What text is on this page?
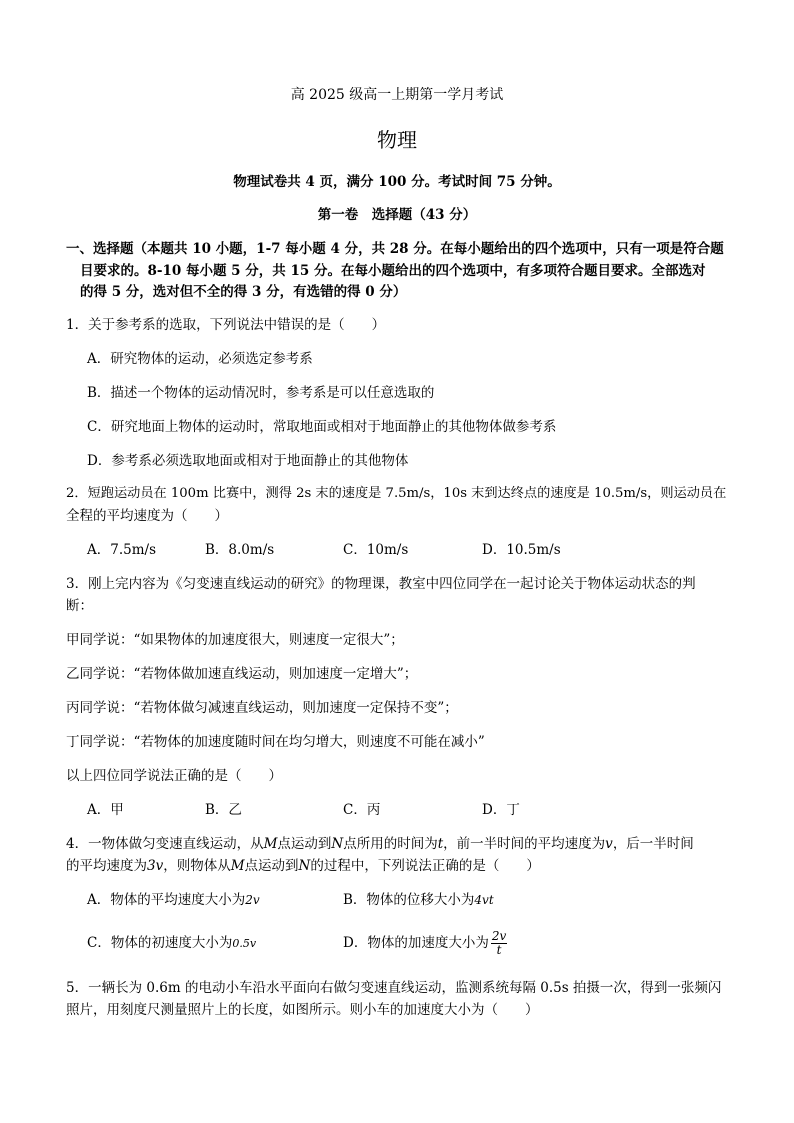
高 2025 级高一上期第一学月考试
物理
物理试卷共 4 页，满分 100 分。考试时间 75 分钟。
第一卷　选择题（43 分）
一、选择题（本题共 10 小题，1-7 每小题 4 分，共 28 分。在每小题给出的四个选项中，只有一项是符合题
目要求的。8-10 每小题 5 分，共 15 分。在每小题给出的四个选项中，有多项符合题目要求。全部选对
的得 5 分，选对但不全的得 3 分，有选错的得 0 分）
1．关于参考系的选取，下列说法中错误的是（　　）
A．研究物体的运动，必须选定参考系
B．描述一个物体的运动情况时，参考系是可以任意选取的
C．研究地面上物体的运动时，常取地面或相对于地面静止的其他物体做参考系
D．参考系必须选取地面或相对于地面静止的其他物体
2．短跑运动员在 100m 比赛中，测得 2s 末的速度是 7.5m/s，10s 末到达终点的速度是 10.5m/s，则运动员在
全程的平均速度为（　　）
A．7.5m/s	B．8.0m/s	C．10m/s	D．10.5m/s
3．刚上完内容为《匀变速直线运动的研究》的物理课，教室中四位同学在一起讨论关于物体运动状态的判
断：
甲同学说：“如果物体的加速度很大，则速度一定很大”；
乙同学说：“若物体做加速直线运动，则加速度一定增大”；
丙同学说：“若物体做匀减速直线运动，则加速度一定保持不变”；
丁同学说：“若物体的加速度随时间在均匀增大，则速度不可能在减小”
以上四位同学说法正确的是（　　）
A．甲	B．乙	C．丙	D．丁
4．一物体做匀变速直线运动，从M点运动到N点所用的时间为t，前一半时间的平均速度为v，后一半时间
的平均速度为3v，则物体从M点运动到N的过程中，下列说法正确的是（　　）
A．物体的平均速度大小为2v	B．物体的位移大小为4vt
C．物体的初速度大小为0.5v	D．物体的加速度大小为 $\frac{2v}{t}$
5．一辆长为 0.6m 的电动小车沿水平面向右做匀变速直线运动，监测系统每隔 0.5s 拍摄一次，得到一张频闪
照片，用刻度尺测量照片上的长度，如图所示。则小车的加速度大小为（　　）
